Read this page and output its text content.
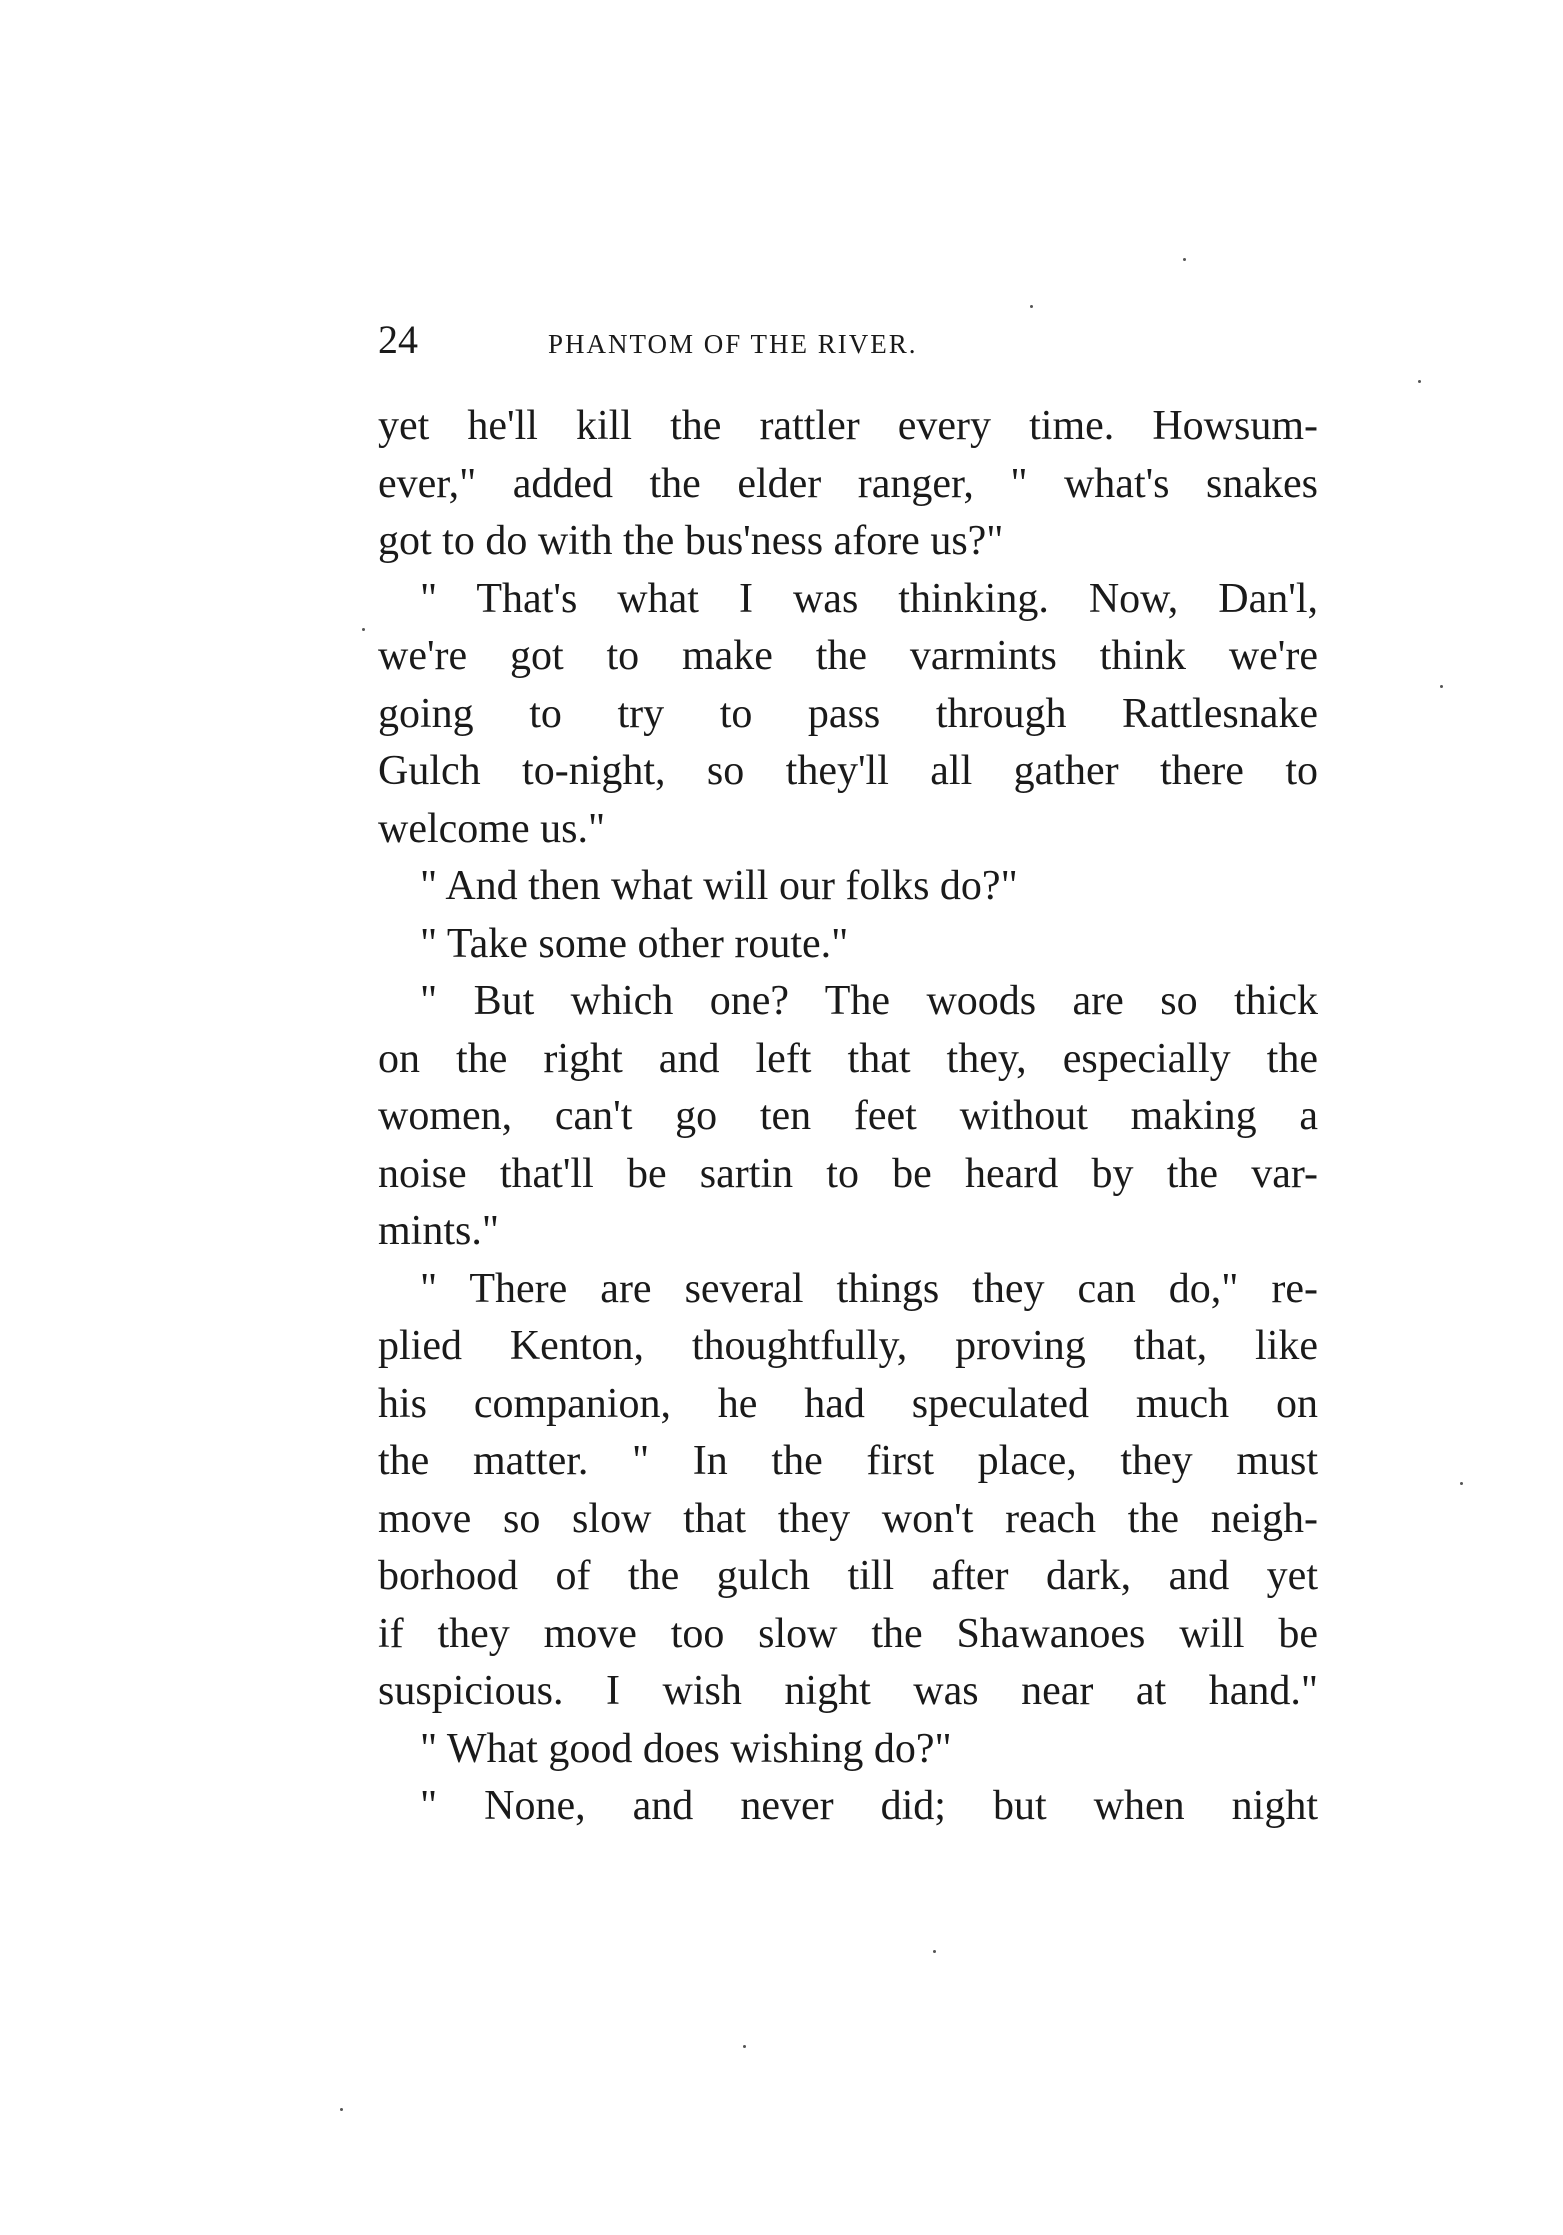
24	PHANTOM OF THE RIVER.
yet he'll kill the rattler every time. Howsum-
ever," added the elder ranger, " what's snakes
got to do with the bus'ness afore us?"
" That's what I was thinking. Now, Dan'l,
we're got to make the varmints think we're
going to try to pass through Rattlesnake
Gulch to-night, so they'll all gather there to
welcome us."
" And then what will our folks do?"
" Take some other route."
" But which one? The woods are so thick
on the right and left that they, especially the
women, can't go ten feet without making a
noise that'll be sartin to be heard by the var-
mints."
" There are several things they can do," re-
plied Kenton, thoughtfully, proving that, like
his companion, he had speculated much on
the matter. " In the first place, they must
move so slow that they won't reach the neigh-
borhood of the gulch till after dark, and yet
if they move too slow the Shawanoes will be
suspicious. I wish night was near at hand."
" What good does wishing do?"
" None, and never did; but when night
